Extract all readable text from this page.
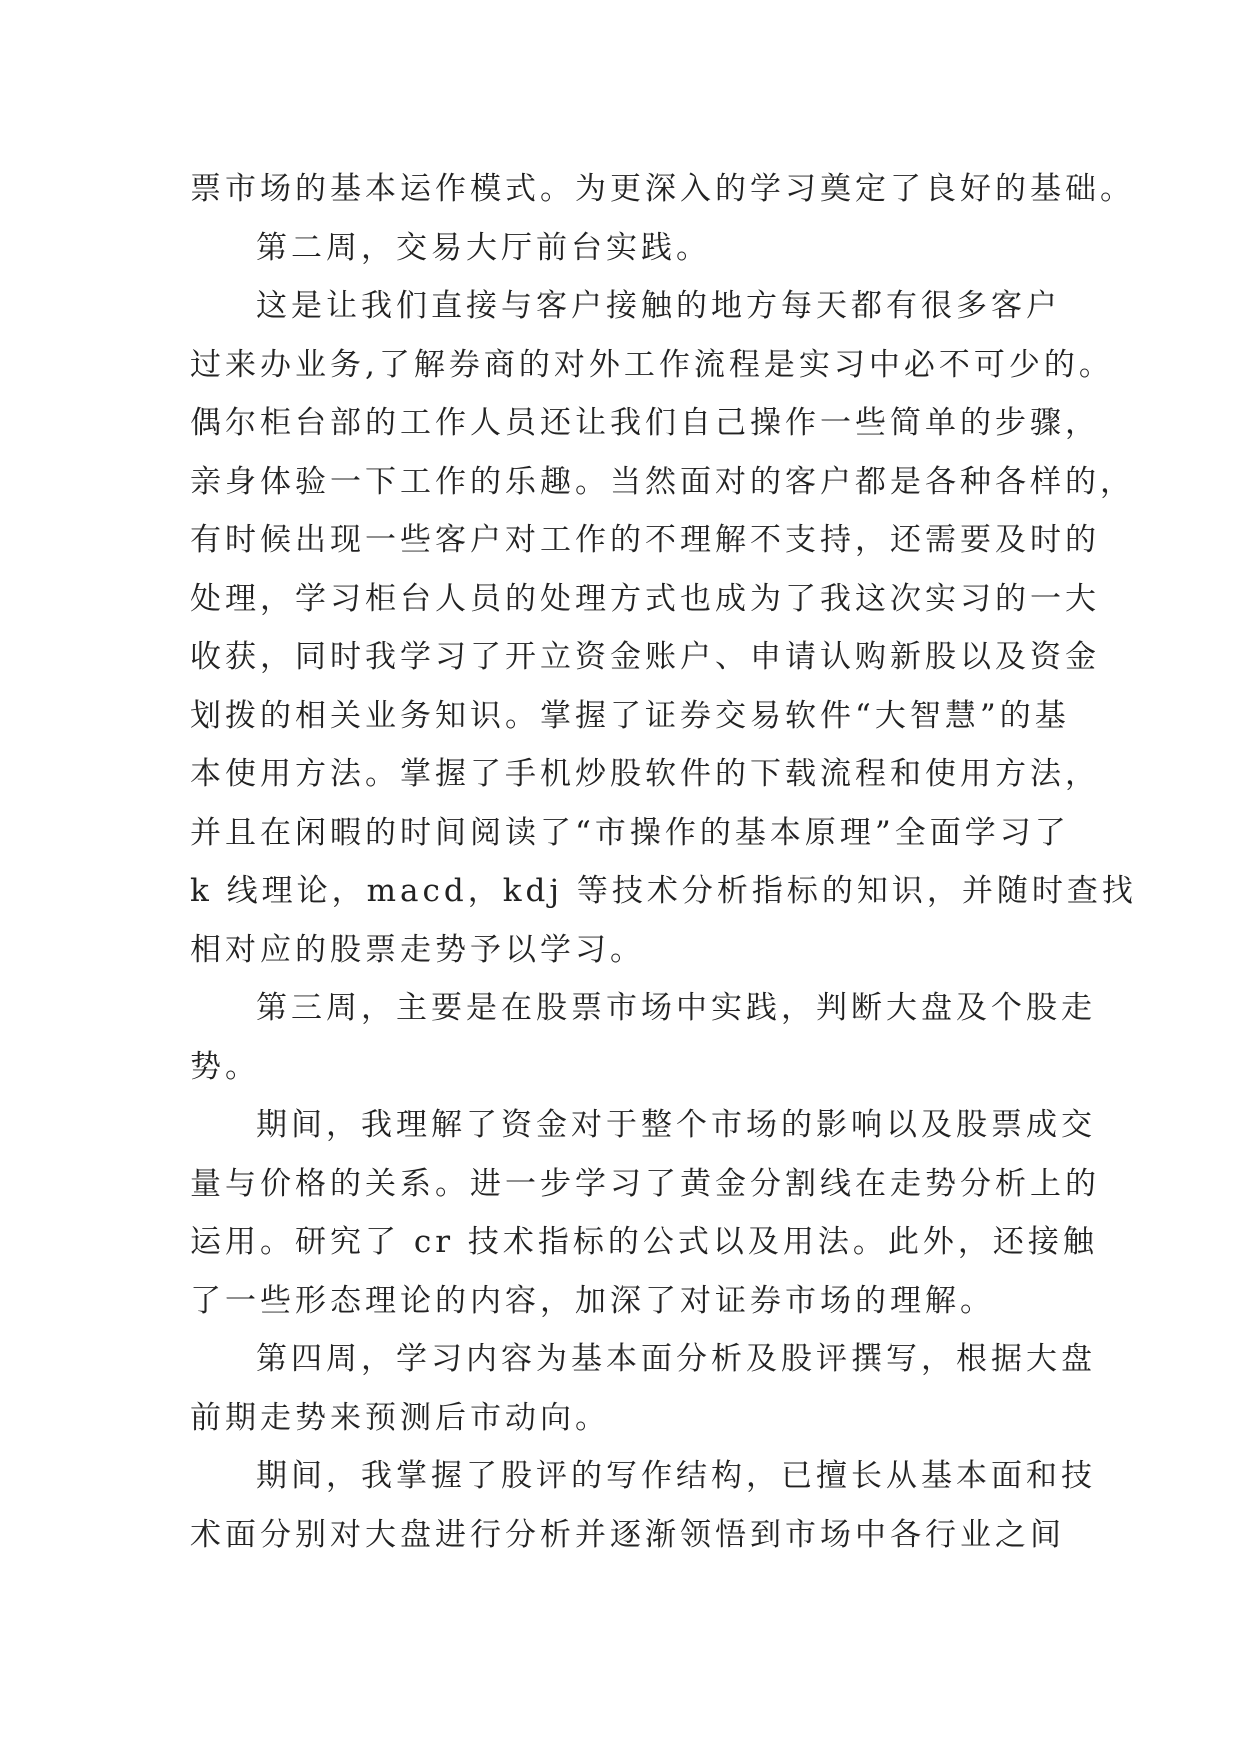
票市场的基本运作模式。为更深入的学习奠定了良好的基础。
第二周，交易大厅前台实践。
这是让我们直接与客户接触的地方每天都有很多客户
过来办业务,了解券商的对外工作流程是实习中必不可少的。
偶尔柜台部的工作人员还让我们自己操作一些简单的步骤，
亲身体验一下工作的乐趣。当然面对的客户都是各种各样的，
有时候出现一些客户对工作的不理解不支持，还需要及时的
处理，学习柜台人员的处理方式也成为了我这次实习的一大
收获，同时我学习了开立资金账户、申请认购新股以及资金
划拨的相关业务知识。掌握了证券交易软件“大智慧”的基
本使用方法。掌握了手机炒股软件的下载流程和使用方法，
并且在闲暇的时间阅读了“市操作的基本原理”全面学习了
k 线理论，macd，kdj 等技术分析指标的知识，并随时查找
相对应的股票走势予以学习。
第三周，主要是在股票市场中实践，判断大盘及个股走
势。
期间，我理解了资金对于整个市场的影响以及股票成交
量与价格的关系。进一步学习了黄金分割线在走势分析上的
运用。研究了 cr 技术指标的公式以及用法。此外，还接触
了一些形态理论的内容，加深了对证券市场的理解。
第四周，学习内容为基本面分析及股评撰写，根据大盘
前期走势来预测后市动向。
期间，我掌握了股评的写作结构，已擅长从基本面和技
术面分别对大盘进行分析并逐渐领悟到市场中各行业之间
